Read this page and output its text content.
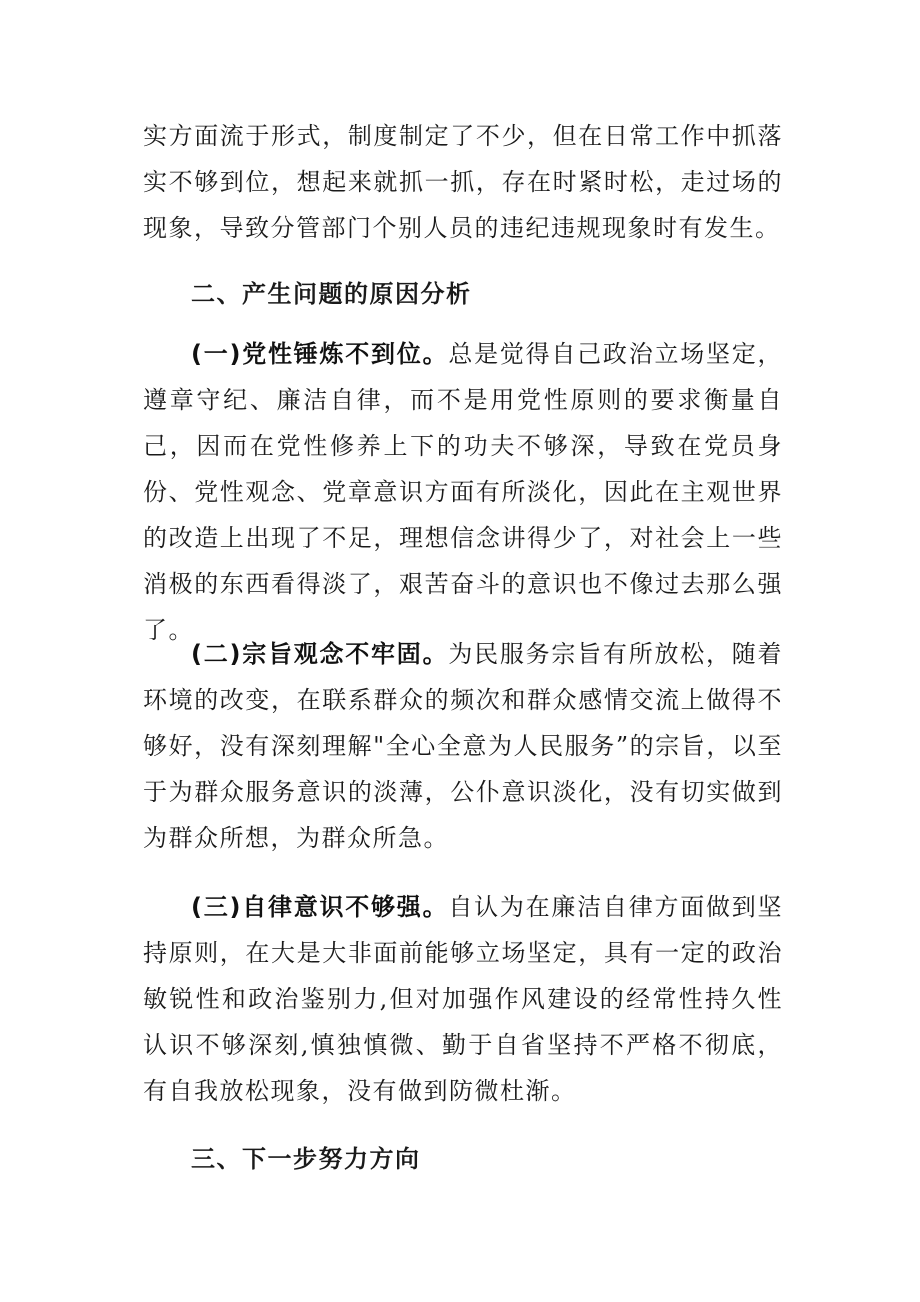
实方面流于形式，制度制定了不少，但在日常工作中抓落实不够到位，想起来就抓一抓，存在时紧时松，走过场的现象，导致分管部门个别人员的违纪违规现象时有发生。

二、产生问题的原因分析

(一)党性锤炼不到位。总是觉得自己政治立场坚定，遵章守纪、廉洁自律，而不是用党性原则的要求衡量自己，因而在党性修养上下的功夫不够深，导致在党员身份、党性观念、党章意识方面有所淡化，因此在主观世界的改造上出现了不足，理想信念讲得少了，对社会上一些消极的东西看得淡了，艰苦奋斗的意识也不像过去那么强了。

(二)宗旨观念不牢固。为民服务宗旨有所放松，随着环境的改变，在联系群众的频次和群众感情交流上做得不够好，没有深刻理解"全心全意为人民服务”的宗旨，以至于为群众服务意识的淡薄，公仆意识淡化，没有切实做到为群众所想，为群众所急。

(三)自律意识不够强。自认为在廉洁自律方面做到坚持原则，在大是大非面前能够立场坚定，具有一定的政治敏锐性和政治鉴别力,但对加强作风建设的经常性持久性认识不够深刻,慎独慎微、勤于自省坚持不严格不彻底，有自我放松现象，没有做到防微杜渐。

三、下一步努力方向
